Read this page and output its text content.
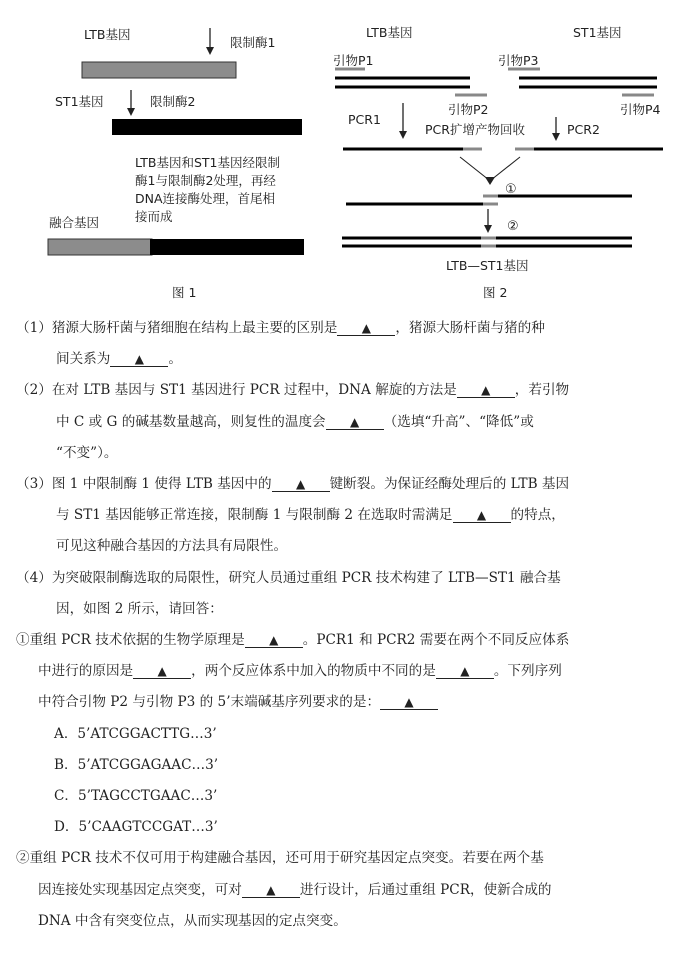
LTB基因
限制酶1
ST1基因	限制酶2
LTB基因和ST1基因经限制
酶1与限制酶2处理，再经
DNA连接酶处理，首尾相
接而成
融合基因
图 1
LTB基因	ST1基因
引物P1
引物P2
引物P3
引物P4
PCR1
PCR扩增产物回收	PCR2
①
②
LTB—ST1基因
图 2

（1）猪源大肠杆菌与猪细胞在结构上最主要的区别是 ▲ ，猪源大肠杆菌与猪的种

间关系为 ▲ 。

（2）在对 LTB 基因与 ST1 基因进行 PCR 过程中，DNA 解旋的方法是 ▲ ，若引物

中 C 或 G 的碱基数量越高，则复性的温度会 ▲ （选填“升高”、“降低”或

“不变”）。

（3）图 1 中限制酶 1 使得 LTB 基因中的 ▲ 键断裂。为保证经酶处理后的 LTB 基因

与 ST1 基因能够正常连接，限制酶 1 与限制酶 2 在选取时需满足 ▲ 的特点，

可见这种融合基因的方法具有局限性。

（4）为突破限制酶选取的局限性，研究人员通过重组 PCR 技术构建了 LTB—ST1 融合基

因，如图 2 所示，请回答：

①重组 PCR 技术依据的生物学原理是 ▲ 。PCR1 和 PCR2 需要在两个不同反应体系

中进行的原因是 ▲ ，两个反应体系中加入的物质中不同的是 ▲ 。下列序列

中符合引物 P2 与引物 P3 的 5’末端碱基序列要求的是： ▲

A．5’ATCGGACTTG…3’

B．5’ATCGGAGAAC…3’

C．5’TAGCCTGAAC…3’

D．5’CAAGTCCGAT…3’

②重组 PCR 技术不仅可用于构建融合基因，还可用于研究基因定点突变。若要在两个基

因连接处实现基因定点突变，可对 ▲ 进行设计，后通过重组 PCR，使新合成的

DNA 中含有突变位点，从而实现基因的定点突变。
